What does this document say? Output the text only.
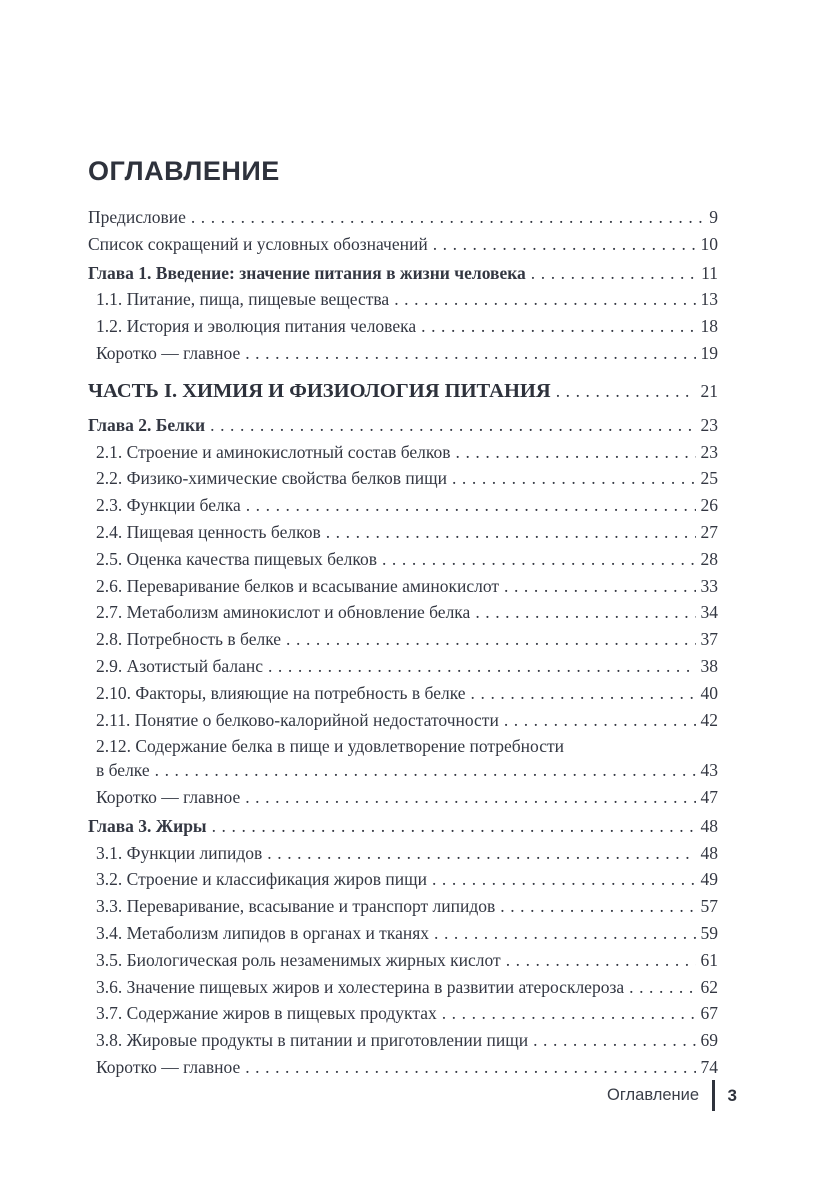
ОГЛАВЛЕНИЕ
Предисловие . . .	9
Список сокращений и условных обозначений . . .	10
Глава 1. Введение: значение питания в жизни человека . . .	11
1.1. Питание, пища, пищевые вещества . . .	13
1.2. История и эволюция питания человека . . .	18
Коротко — главное . . .	19
ЧАСТЬ I. ХИМИЯ И ФИЗИОЛОГИЯ ПИТАНИЯ . . .	21
Глава 2. Белки . . .	23
2.1. Строение и аминокислотный состав белков . . .	23
2.2. Физико-химические свойства белков пищи . . .	25
2.3. Функции белка . . .	26
2.4. Пищевая ценность белков . . .	27
2.5. Оценка качества пищевых белков . . .	28
2.6. Переваривание белков и всасывание аминокислот . . .	33
2.7. Метаболизм аминокислот и обновление белка . . .	34
2.8. Потребность в белке . . .	37
2.9. Азотистый баланс . . .	38
2.10. Факторы, влияющие на потребность в белке . . .	40
2.11. Понятие о белково-калорийной недостаточности . . .	42
2.12. Содержание белка в пище и удовлетворение потребности
в белке . . .	43
Коротко — главное . . .	47
Глава 3. Жиры . . .	48
3.1. Функции липидов . . .	48
3.2. Строение и классификация жиров пищи . . .	49
3.3. Переваривание, всасывание и транспорт липидов . . .	57
3.4. Метаболизм липидов в органах и тканях . . .	59
3.5. Биологическая роль незаменимых жирных кислот . . .	61
3.6. Значение пищевых жиров и холестерина в развитии атеросклероза . . .	62
3.7. Содержание жиров в пищевых продуктах . . .	67
3.8. Жировые продукты в питании и приготовлении пищи . . .	69
Коротко — главное . . .	74
Оглавление 3
